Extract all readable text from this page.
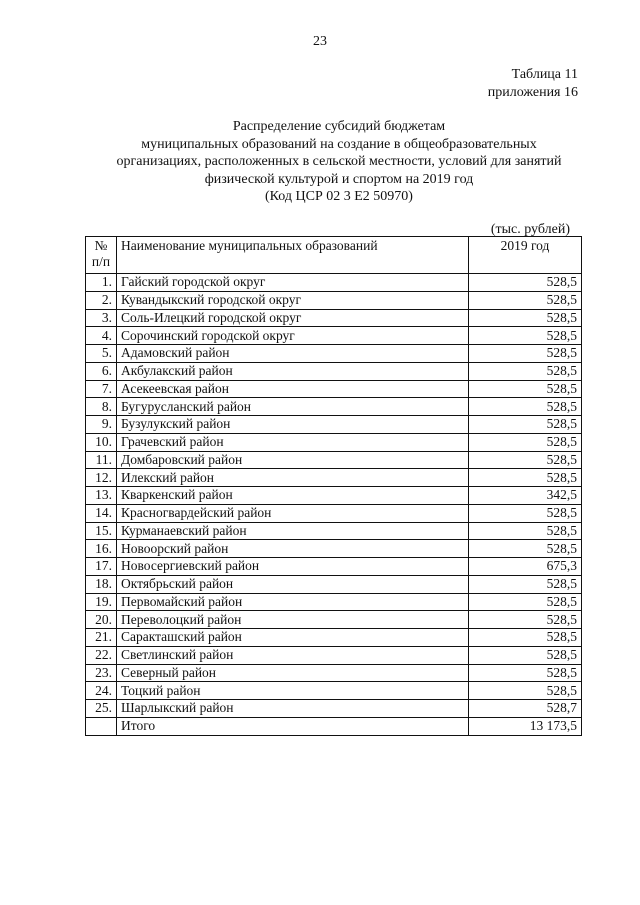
23
Таблица 11
приложения 16
Распределение субсидий бюджетам
муниципальных образований на создание в общеобразовательных
организациях, расположенных в сельской местности, условий для занятий
физической культурой и спортом на 2019 год
(Код ЦСР 02 3 Е2 50970)
(тыс. рублей)
№
п/п	Наименование муниципальных образований	2019 год
1.	Гайский городской округ	528,5
2.	Кувандыкский городской округ	528,5
3.	Соль-Илецкий городской округ	528,5
4.	Сорочинский городской округ	528,5
5.	Адамовский район	528,5
6.	Акбулакский район	528,5
7.	Асекеевская район	528,5
8.	Бугурусланский район	528,5
9.	Бузулукский район	528,5
10.	Грачевский район	528,5
11.	Домбаровский район	528,5
12.	Илекский район	528,5
13.	Кваркенский район	342,5
14.	Красногвардейский район	528,5
15.	Курманаевский район	528,5
16.	Новоорский район	528,5
17.	Новосергиевский район	675,3
18.	Октябрьский район	528,5
19.	Первомайский район	528,5
20.	Переволоцкий район	528,5
21.	Саракташский район	528,5
22.	Светлинский район	528,5
23.	Северный район	528,5
24.	Тоцкий район	528,5
25.	Шарлыкский район	528,7
	Итого	13 173,5
